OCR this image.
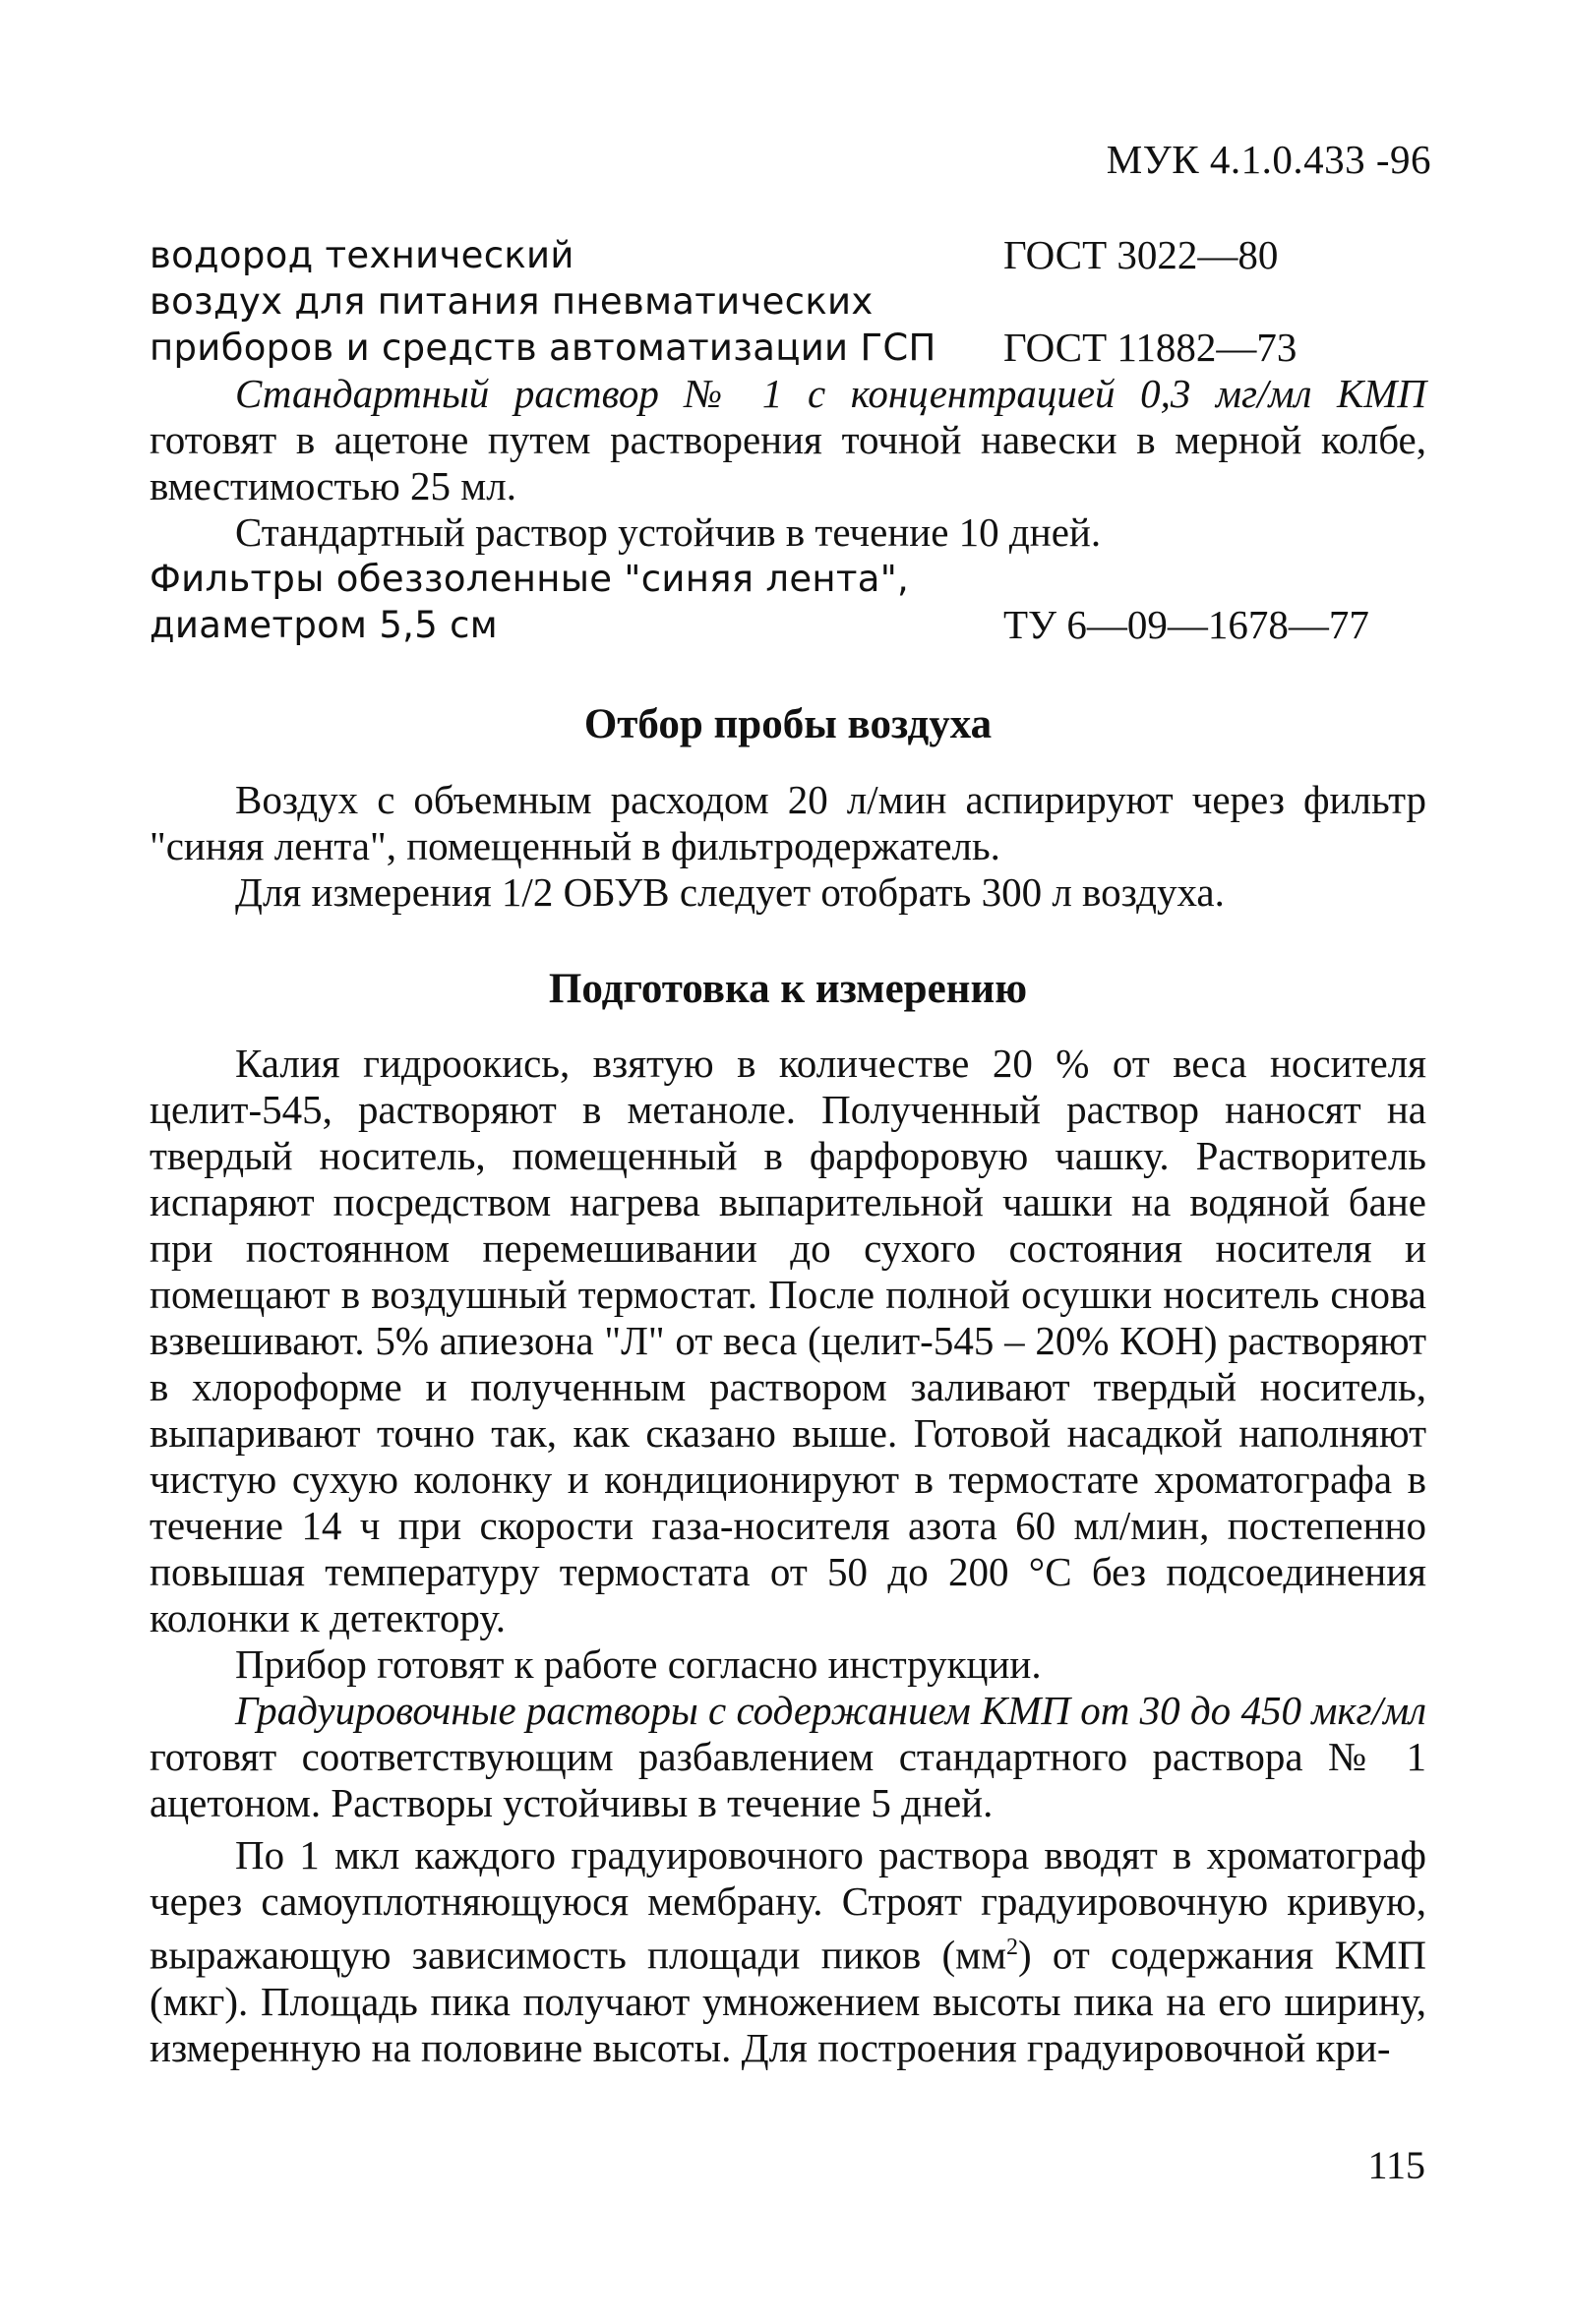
МУК 4.1.0.433 -96
водород технический	ГОСТ 3022—80
воздух для питания пневматических
приборов и средств автоматизации ГСП ГОСТ 11882—73

Стандартный раствор № 1 с концентрацией 0,3 мг/мл КМП готовят в ацетоне путем растворения точной навески в мерной колбе, вместимостью 25 мл.

Стандартный раствор устойчив в течение 10 дней.

Фильтры обеззоленные "синяя лента",
диаметром 5,5 см	ТУ 6—09—1678—77
Отбор пробы воздуха

Воздух с объемным расходом 20 л/мин аспирируют через фильтр "синяя лента", помещенный в фильтродержатель.

Для измерения 1/2 ОБУВ следует отобрать 300 л воздуха.

Подготовка к измерению

Калия гидроокись, взятую в количестве 20 % от веса носителя целит-545, растворяют в метаноле. Полученный раствор наносят на твердый носитель, помещенный в фарфоровую чашку. Растворитель испаряют посредством нагрева выпарительной чашки на водяной бане при постоянном перемешивании до сухого состояния носителя и помещают в воздушный термостат. После полной осушки носитель снова взвешивают. 5% апиезона "Л" от веса (целит-545 – 20% КОН) растворяют в хлороформе и полученным раствором заливают твердый носитель, выпаривают точно так, как сказано выше. Готовой насадкой наполняют чистую сухую колонку и кондиционируют в термостате хроматографа в течение 14 ч при скорости газа-носителя азота 60 мл/мин, постепенно повышая температуру термостата от 50 до 200 °С без подсоединения колонки к детектору.

Прибор готовят к работе согласно инструкции.

Градуировочные растворы с содержанием КМП от 30 до 450 мкг/мл готовят соответствующим разбавлением стандартного раствора № 1 ацетоном. Растворы устойчивы в течение 5 дней.

По 1 мкл каждого градуировочного раствора вводят в хроматограф через самоуплотняющуюся мембрану. Строят градуировочную кривую, выражающую зависимость площади пиков $(мм^2)$ от содержания КМП (мкг). Площадь пика получают умножением высоты пика на его ширину, измеренную на половине высоты. Для построения градуировочной кри-

115
